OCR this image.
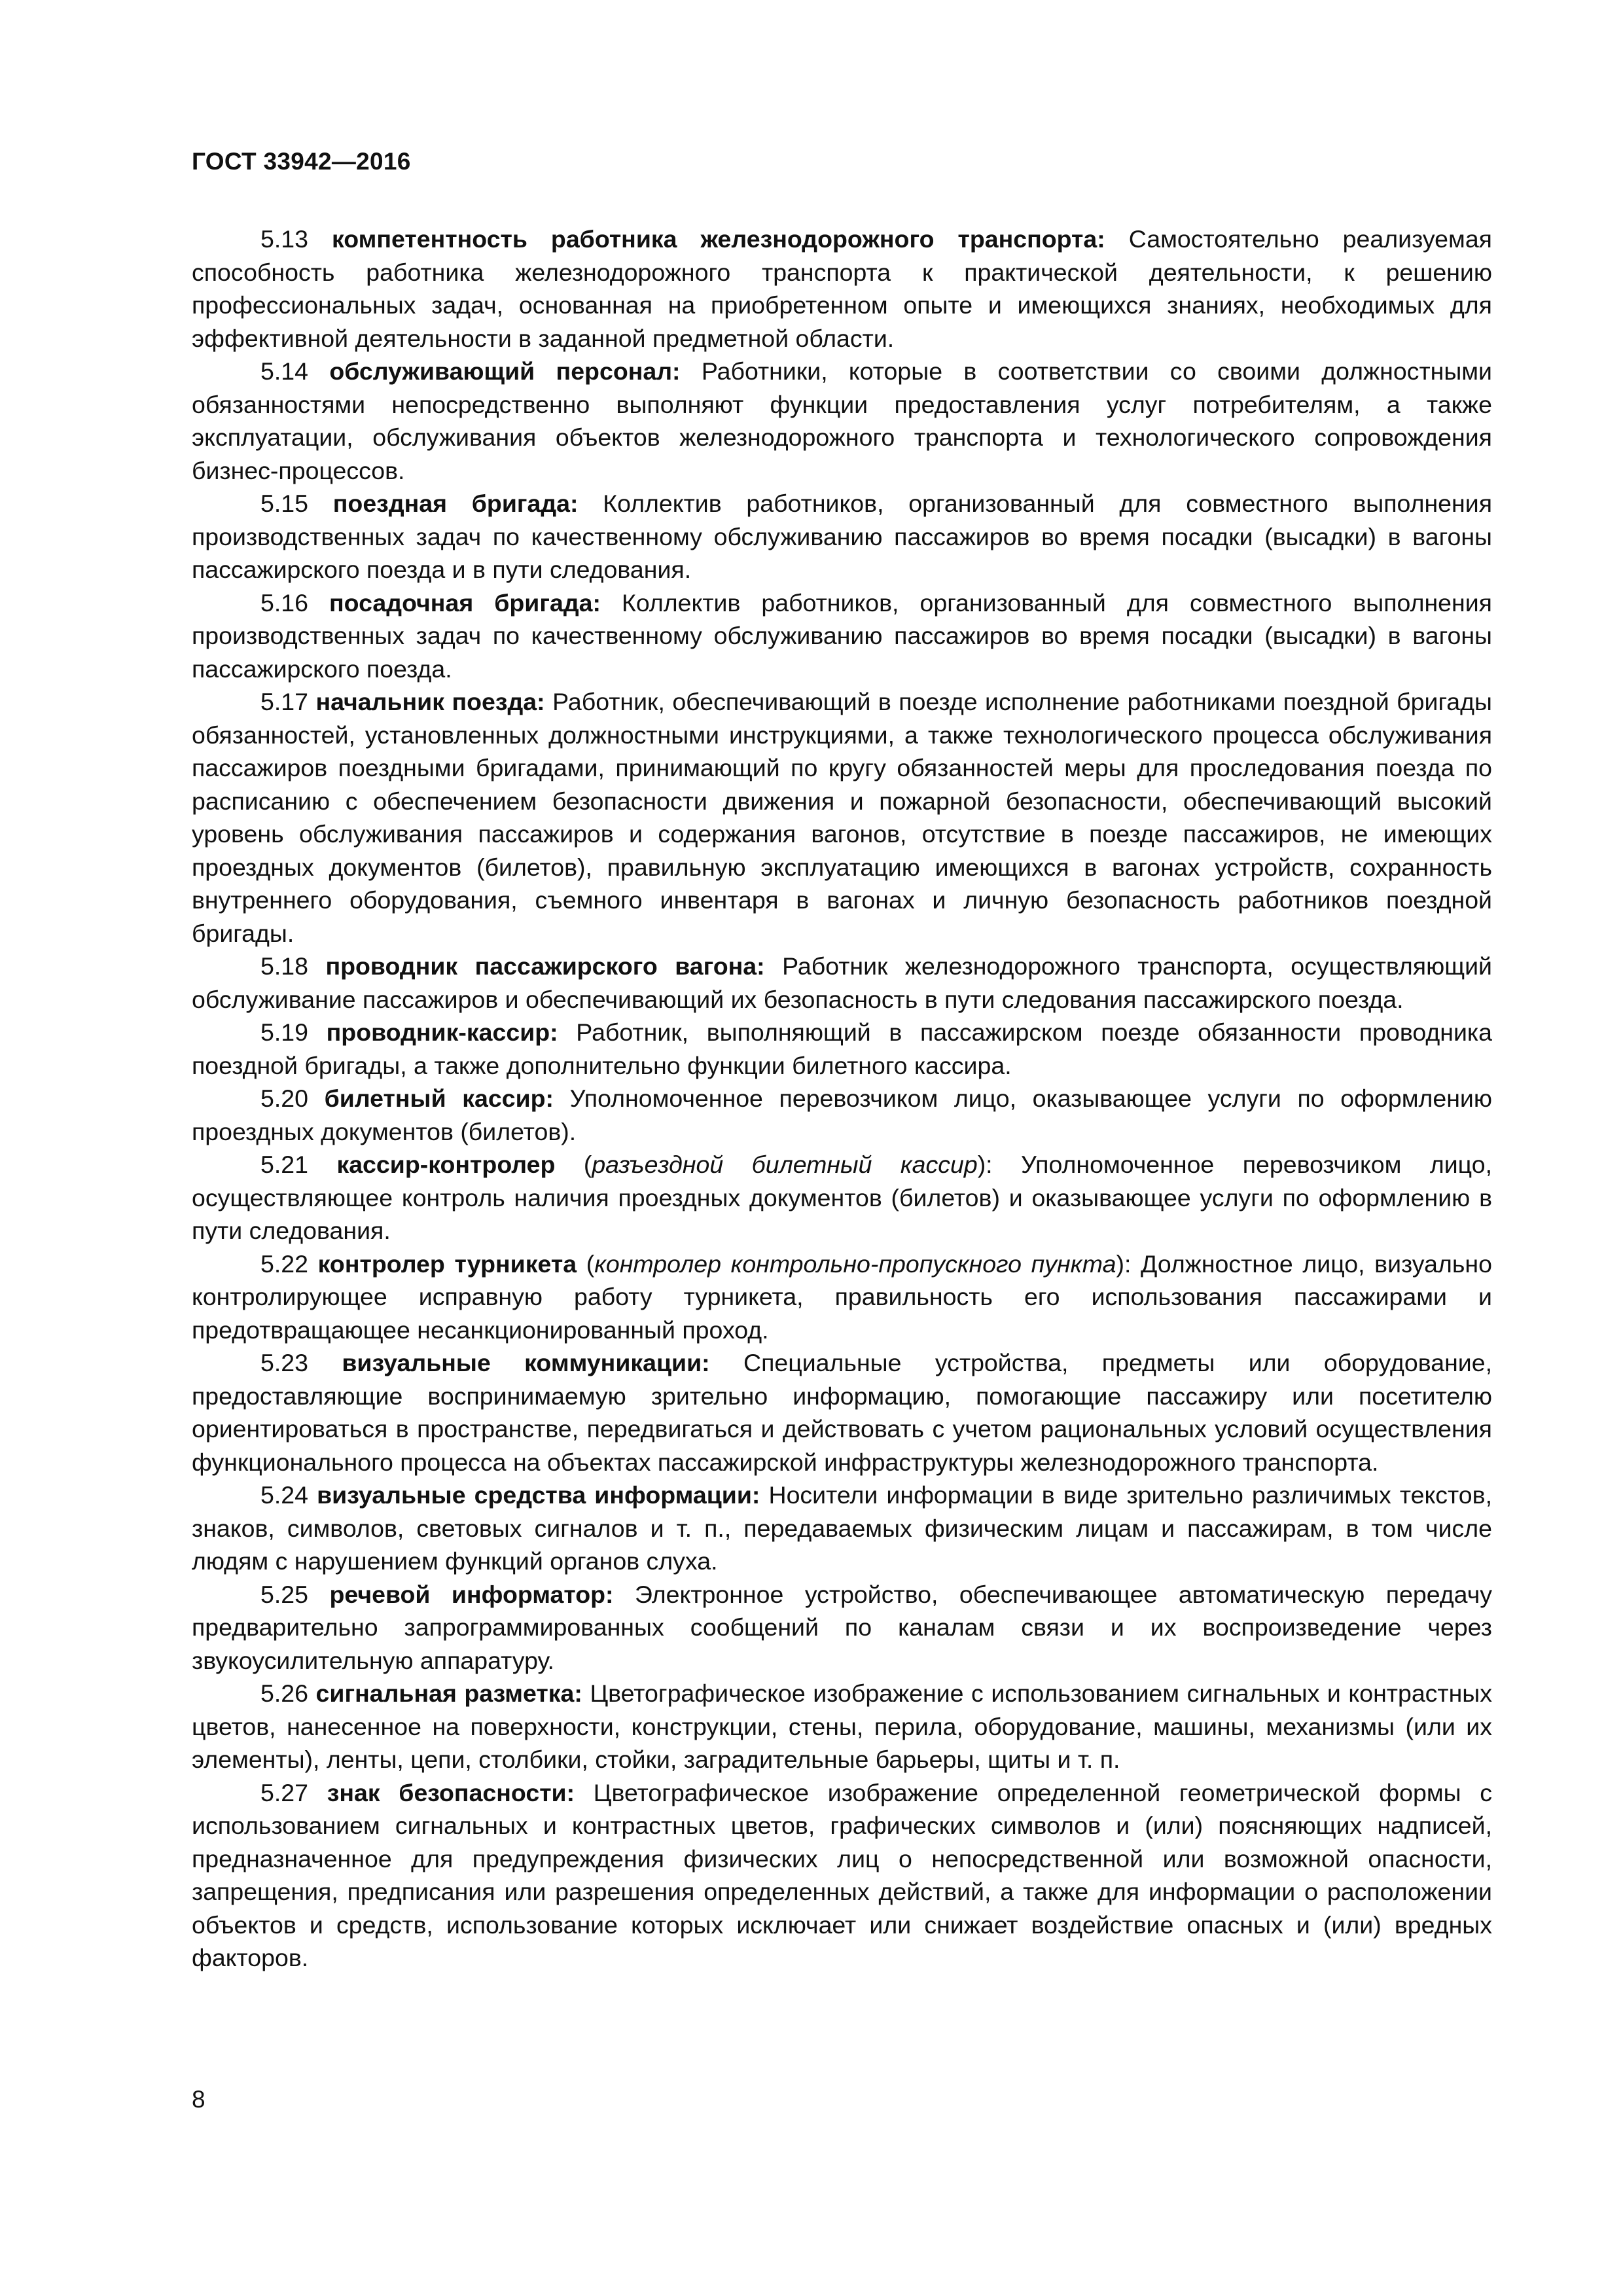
ГОСТ 33942—2016

5.13 компетентность работника железнодорожного транспорта: Самостоятельно реализуемая способность работника железнодорожного транспорта к практической деятельности, к решению профессиональных задач, основанная на приобретенном опыте и имеющихся знаниях, необходимых для эффективной деятельности в заданной предметной области.

5.14 обслуживающий персонал: Работники, которые в соответствии со своими должностными обязанностями непосредственно выполняют функции предоставления услуг потребителям, а также эксплуатации, обслуживания объектов железнодорожного транспорта и технологического сопровождения бизнес-процессов.

5.15 поездная бригада: Коллектив работников, организованный для совместного выполнения производственных задач по качественному обслуживанию пассажиров во время посадки (высадки) в вагоны пассажирского поезда и в пути следования.

5.16 посадочная бригада: Коллектив работников, организованный для совместного выполнения производственных задач по качественному обслуживанию пассажиров во время посадки (высадки) в вагоны пассажирского поезда.

5.17 начальник поезда: Работник, обеспечивающий в поезде исполнение работниками поездной бригады обязанностей, установленных должностными инструкциями, а также технологического процесса обслуживания пассажиров поездными бригадами, принимающий по кругу обязанностей меры для проследования поезда по расписанию с обеспечением безопасности движения и пожарной безопасности, обеспечивающий высокий уровень обслуживания пассажиров и содержания вагонов, отсутствие в поезде пассажиров, не имеющих проездных документов (билетов), правильную эксплуатацию имеющихся в вагонах устройств, сохранность внутреннего оборудования, съемного инвентаря в вагонах и личную безопасность работников поездной бригады.

5.18 проводник пассажирского вагона: Работник железнодорожного транспорта, осуществляющий обслуживание пассажиров и обеспечивающий их безопасность в пути следования пассажирского поезда.

5.19 проводник-кассир: Работник, выполняющий в пассажирском поезде обязанности проводника поездной бригады, а также дополнительно функции билетного кассира.

5.20 билетный кассир: Уполномоченное перевозчиком лицо, оказывающее услуги по оформлению проездных документов (билетов).

5.21 кассир-контролер (разъездной билетный кассир): Уполномоченное перевозчиком лицо, осуществляющее контроль наличия проездных документов (билетов) и оказывающее услуги по оформлению в пути следования.

5.22 контролер турникета (контролер контрольно-пропускного пункта): Должностное лицо, визуально контролирующее исправную работу турникета, правильность его использования пассажирами и предотвращающее несанкционированный проход.

5.23 визуальные коммуникации: Специальные устройства, предметы или оборудование, предоставляющие воспринимаемую зрительно информацию, помогающие пассажиру или посетителю ориентироваться в пространстве, передвигаться и действовать с учетом рациональных условий осуществления функционального процесса на объектах пассажирской инфраструктуры железнодорожного транспорта.

5.24 визуальные средства информации: Носители информации в виде зрительно различимых текстов, знаков, символов, световых сигналов и т. п., передаваемых физическим лицам и пассажирам, в том числе людям с нарушением функций органов слуха.

5.25 речевой информатор: Электронное устройство, обеспечивающее автоматическую передачу предварительно запрограммированных сообщений по каналам связи и их воспроизведение через звукоусилительную аппаратуру.

5.26 сигнальная разметка: Цветографическое изображение с использованием сигнальных и контрастных цветов, нанесенное на поверхности, конструкции, стены, перила, оборудование, машины, механизмы (или их элементы), ленты, цепи, столбики, стойки, заградительные барьеры, щиты и т. п.

5.27 знак безопасности: Цветографическое изображение определенной геометрической формы с использованием сигнальных и контрастных цветов, графических символов и (или) поясняющих надписей, предназначенное для предупреждения физических лиц о непосредственной или возможной опасности, запрещения, предписания или разрешения определенных действий, а также для информации о расположении объектов и средств, использование которых исключает или снижает воздействие опасных и (или) вредных факторов.

8
